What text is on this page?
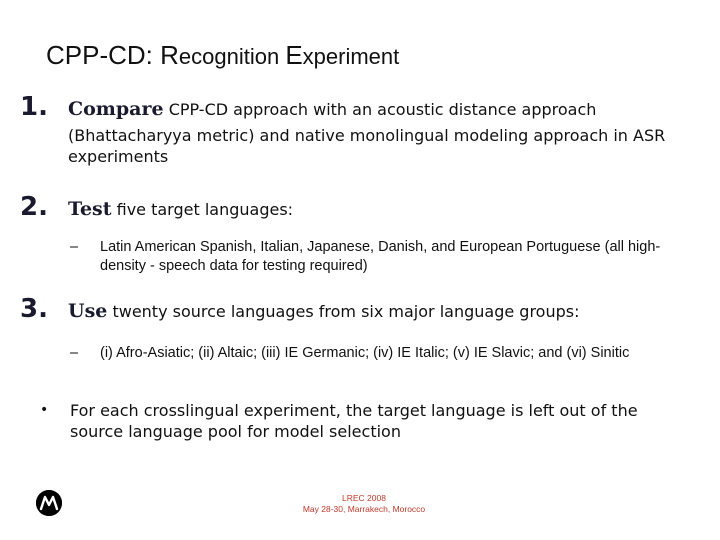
CPP-CD: Recognition Experiment
1. Compare CPP-CD approach with an acoustic distance approach
(Bhattacharyya metric) and native monolingual modeling approach in ASR experiments
2. Test five target languages:
– Latin American Spanish, Italian, Japanese, Danish, and European Portuguese (all high-density - speech data for testing required)
3. Use twenty source languages from six major language groups:
– (i) Afro-Asiatic; (ii) Altaic; (iii) IE Germanic; (iv) IE Italic; (v) IE Slavic; and (vi) Sinitic
• For each crosslingual experiment, the target language is left out of the source language pool for model selection
LREC 2008
May 28-30, Marrakech, Morocco
